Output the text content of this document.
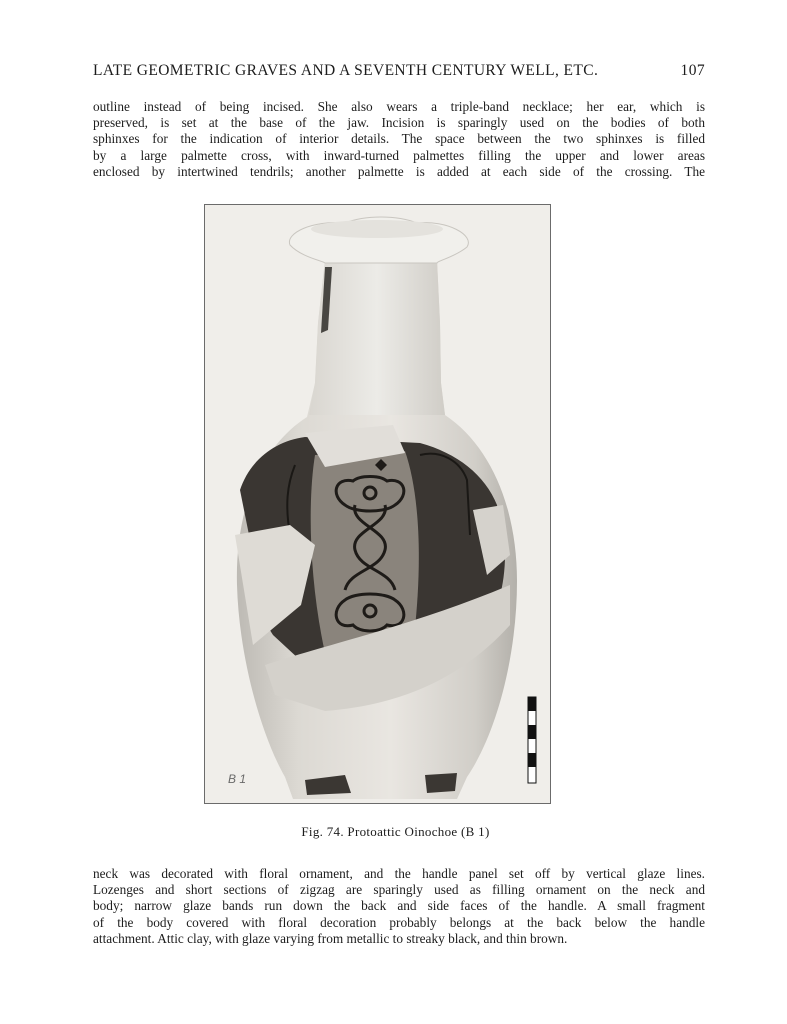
LATE GEOMETRIC GRAVES AND A SEVENTH CENTURY WELL, ETC.	107
outline instead of being incised. She also wears a triple-band necklace; her ear, which is
preserved, is set at the base of the jaw. Incision is sparingly used on the bodies of both
sphinxes for the indication of interior details. The space between the two sphinxes is filled
by a large palmette cross, with inward-turned palmettes filling the upper and lower areas
enclosed by intertwined tendrils; another palmette is added at each side of the crossing. The
B 1
Fig. 74. Protoattic Oinochoe (B 1)
neck was decorated with floral ornament, and the handle panel set off by vertical glaze lines.
Lozenges and short sections of zigzag are sparingly used as filling ornament on the neck and
body; narrow glaze bands run down the back and side faces of the handle. A small fragment
of the body covered with floral decoration probably belongs at the back below the handle
attachment. Attic clay, with glaze varying from metallic to streaky black, and thin brown.
